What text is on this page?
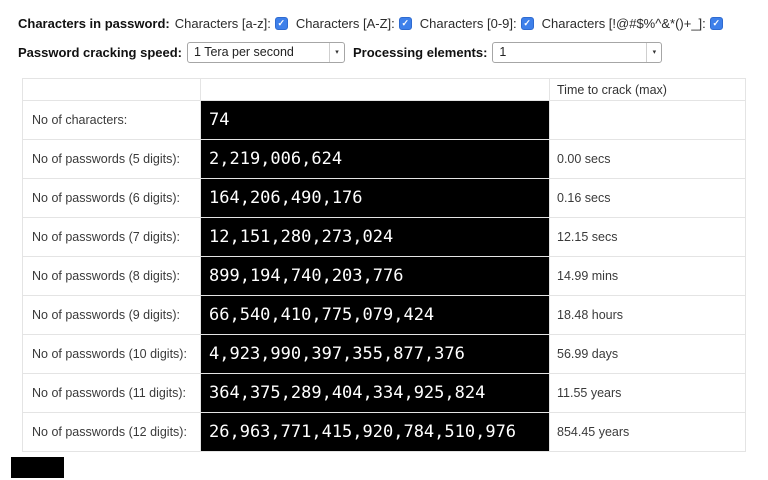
Characters in password: Characters [a-z]: ✓ Characters [A-Z]: ✓ Characters [0-9]: ✓ Characters [!@#$%^&*()+_]: ✓
Password cracking speed: 1 Tera per second	▾	Processing elements: 1	▾
		Time to crack (max)
No of characters:	74	
No of passwords (5 digits):	2,219,006,624	0.00 secs
No of passwords (6 digits):	164,206,490,176	0.16 secs
No of passwords (7 digits):	12,151,280,273,024	12.15 secs
No of passwords (8 digits):	899,194,740,203,776	14.99 mins
No of passwords (9 digits):	66,540,410,775,079,424	18.48 hours
No of passwords (10 digits):	4,923,990,397,355,877,376	56.99 days
No of passwords (11 digits):	364,375,289,404,334,925,824	11.55 years
No of passwords (12 digits):	26,963,771,415,920,784,510,976	854.45 years
